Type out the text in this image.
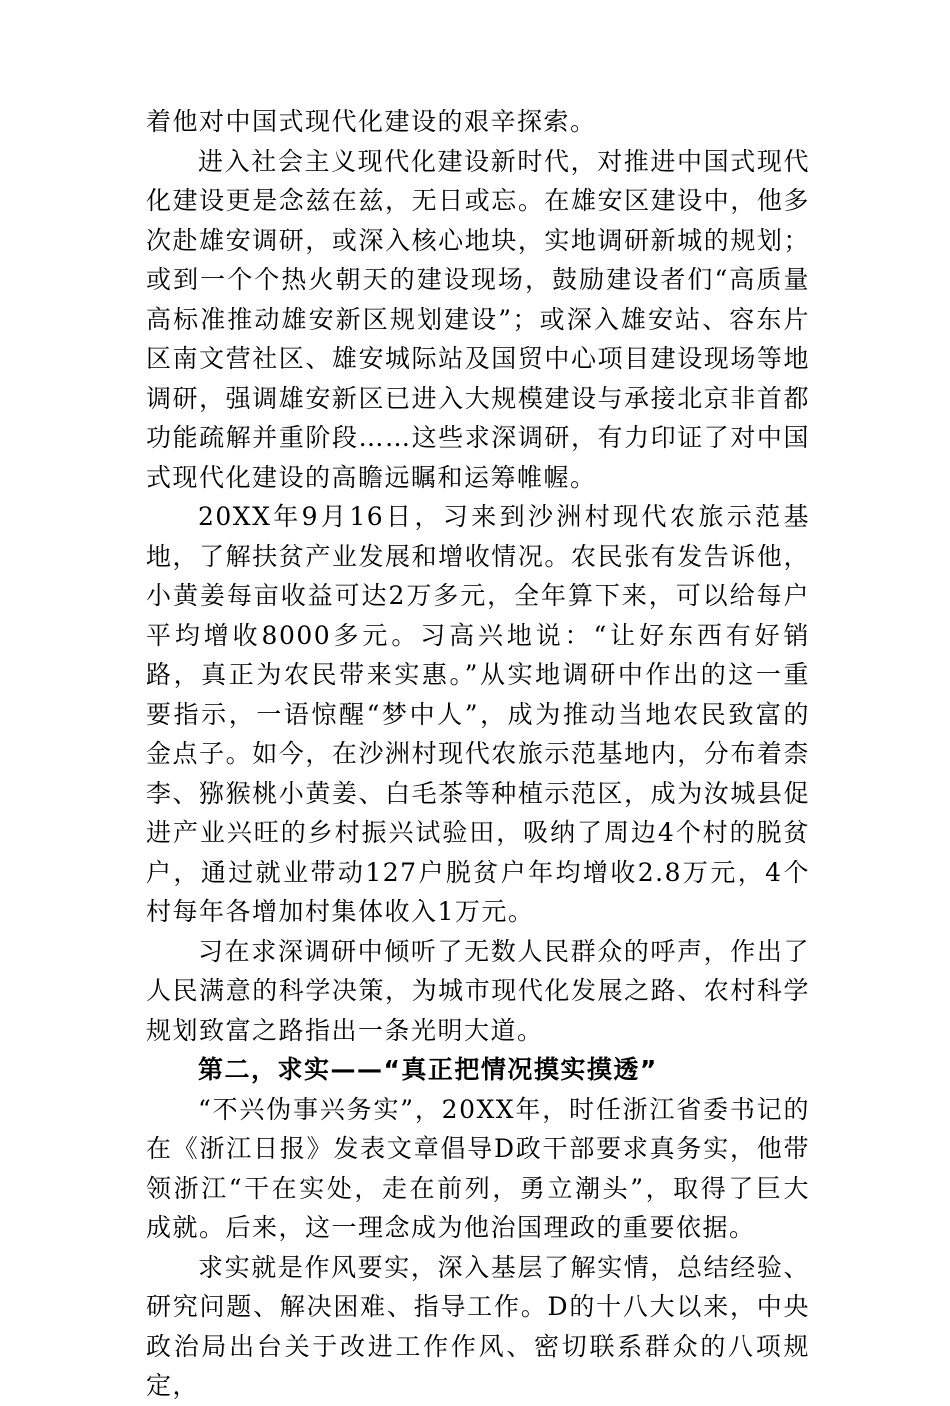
着他对中国式现代化建设的艰辛探索。

进入社会主义现代化建设新时代，对推进中国式现代化建设更是念兹在兹，无日或忘。在雄安区建设中，他多次赴雄安调研，或深入核心地块，实地调研新城的规划；或到一个个热火朝天的建设现场，鼓励建设者们“高质量高标准推动雄安新区规划建设”；或深入雄安站、容东片区南文营社区、雄安城际站及国贸中心项目建设现场等地调研，强调雄安新区已进入大规模建设与承接北京非首都功能疏解并重阶段……这些求深调研，有力印证了对中国式现代化建设的高瞻远瞩和运筹帷幄。

20XX年9月16日，习来到沙洲村现代农旅示范基地，了解扶贫产业发展和增收情况。农民张有发告诉他，小黄姜每亩收益可达2万多元，全年算下来，可以给每户平均增收8000多元。习高兴地说：“让好东西有好销路，真正为农民带来实惠。”从实地调研中作出的这一重要指示，一语惊醒“梦中人”，成为推动当地农民致富的金点子。如今，在沙洲村现代农旅示范基地内，分布着柰李、猕猴桃小黄姜、白毛茶等种植示范区，成为汝城县促进产业兴旺的乡村振兴试验田，吸纳了周边4个村的脱贫户，通过就业带动127户脱贫户年均增收2.8万元，4个村每年各增加村集体收入1万元。

习在求深调研中倾听了无数人民群众的呼声，作出了人民满意的科学决策，为城市现代化发展之路、农村科学规划致富之路指出一条光明大道。

第二，求实——“真正把情况摸实摸透”

“不兴伪事兴务实”，20XX年，时任浙江省委书记的在《浙江日报》发表文章倡导D政干部要求真务实，他带领浙江“干在实处，走在前列，勇立潮头”，取得了巨大成就。后来，这一理念成为他治国理政的重要依据。

求实就是作风要实，深入基层了解实情，总结经验、研究问题、解决困难、指导工作。D的十八大以来，中央政治局出台关于改进工作作风、密切联系群众的八项规定，
